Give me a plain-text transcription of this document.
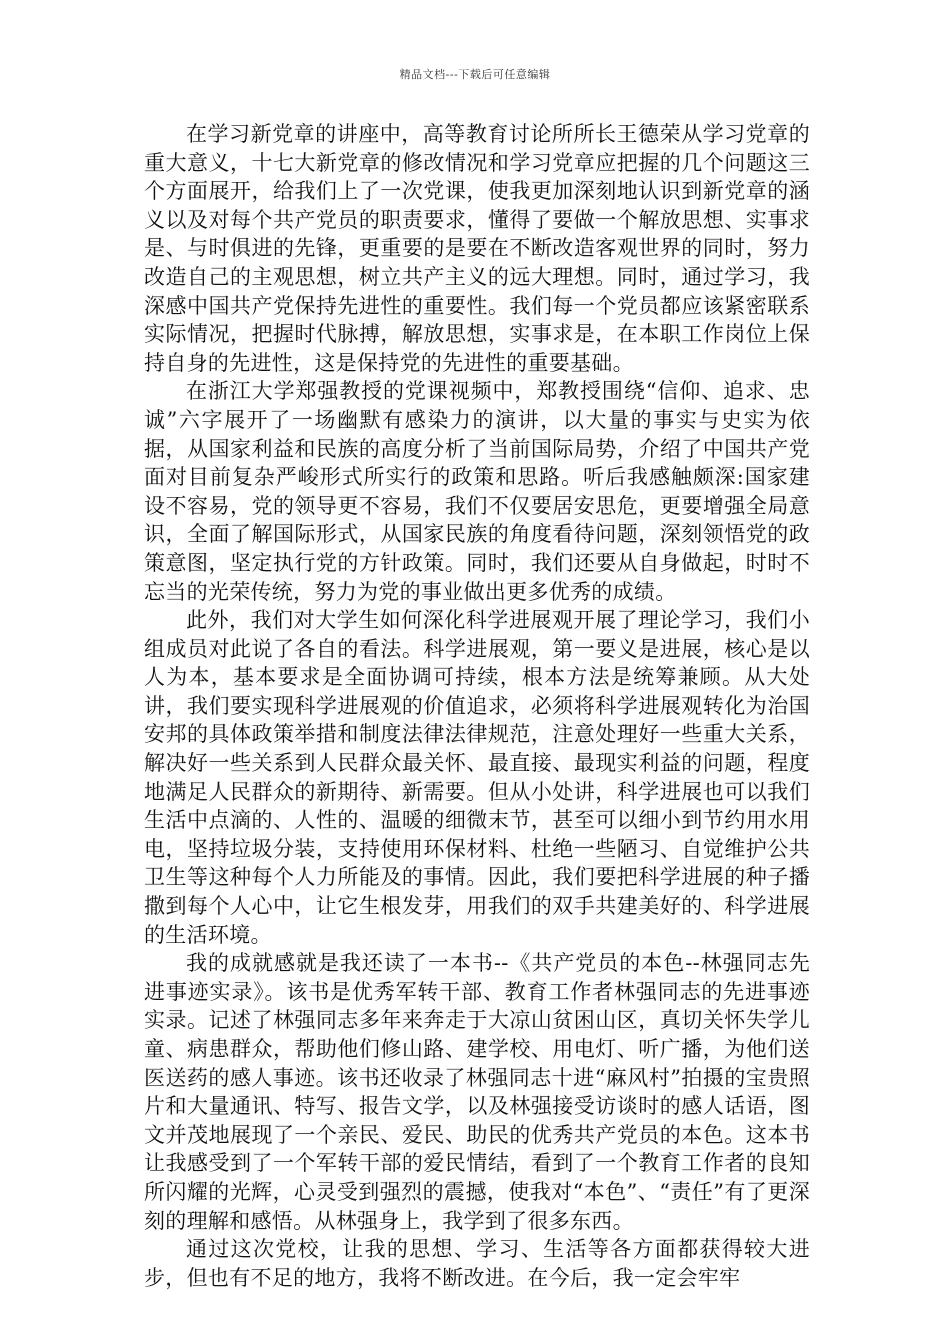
精品文档---下载后可任意编辑

在学习新党章的讲座中，高等教育讨论所所长王德荣从学习党章的重大意义，十七大新党章的修改情况和学习党章应把握的几个问题这三个方面展开，给我们上了一次党课，使我更加深刻地认识到新党章的涵义以及对每个共产党员的职责要求，懂得了要做一个解放思想、实事求是、与时俱进的先锋，更重要的是要在不断改造客观世界的同时，努力改造自己的主观思想，树立共产主义的远大理想。同时，通过学习，我深感中国共产党保持先进性的重要性。我们每一个党员都应该紧密联系实际情况，把握时代脉搏，解放思想，实事求是，在本职工作岗位上保持自身的先进性，这是保持党的先进性的重要基础。

在浙江大学郑强教授的党课视频中，郑教授围绕“信仰、追求、忠诚”六字展开了一场幽默有感染力的演讲，以大量的事实与史实为依据，从国家利益和民族的高度分析了当前国际局势，介绍了中国共产党面对目前复杂严峻形式所实行的政策和思路。听后我感触颇深:国家建设不容易，党的领导更不容易，我们不仅要居安思危，更要增强全局意识，全面了解国际形式，从国家民族的角度看待问题，深刻领悟党的政策意图，坚定执行党的方针政策。同时，我们还要从自身做起，时时不忘当的光荣传统，努力为党的事业做出更多优秀的成绩。

此外，我们对大学生如何深化科学进展观开展了理论学习，我们小组成员对此说了各自的看法。科学进展观，第一要义是进展，核心是以人为本，基本要求是全面协调可持续，根本方法是统筹兼顾。从大处讲，我们要实现科学进展观的价值追求，必须将科学进展观转化为治国安邦的具体政策举措和制度法律法律规范，注意处理好一些重大关系，解决好一些关系到人民群众最关怀、最直接、最现实利益的问题，程度地满足人民群众的新期待、新需要。但从小处讲，科学进展也可以我们生活中点滴的、人性的、温暖的细微末节，甚至可以细小到节约用水用电，坚持垃圾分装，支持使用环保材料、杜绝一些陋习、自觉维护公共卫生等这种每个人力所能及的事情。因此，我们要把科学进展的种子播撒到每个人心中，让它生根发芽，用我们的双手共建美好的、科学进展的生活环境。

我的成就感就是我还读了一本书--《共产党员的本色--林强同志先进事迹实录》。该书是优秀军转干部、教育工作者林强同志的先进事迹实录。记述了林强同志多年来奔走于大凉山贫困山区，真切关怀失学儿童、病患群众，帮助他们修山路、建学校、用电灯、听广播，为他们送医送药的感人事迹。该书还收录了林强同志十进“麻风村”拍摄的宝贵照片和大量通讯、特写、报告文学，以及林强接受访谈时的感人话语，图文并茂地展现了一个亲民、爱民、助民的优秀共产党员的本色。这本书让我感受到了一个军转干部的爱民情结，看到了一个教育工作者的良知所闪耀的光辉，心灵受到强烈的震撼，使我对“本色”、“责任”有了更深刻的理解和感悟。从林强身上，我学到了很多东西。

通过这次党校，让我的思想、学习、生活等各方面都获得较大进步，但也有不足的地方，我将不断改进。在今后，我一定会牢牢
